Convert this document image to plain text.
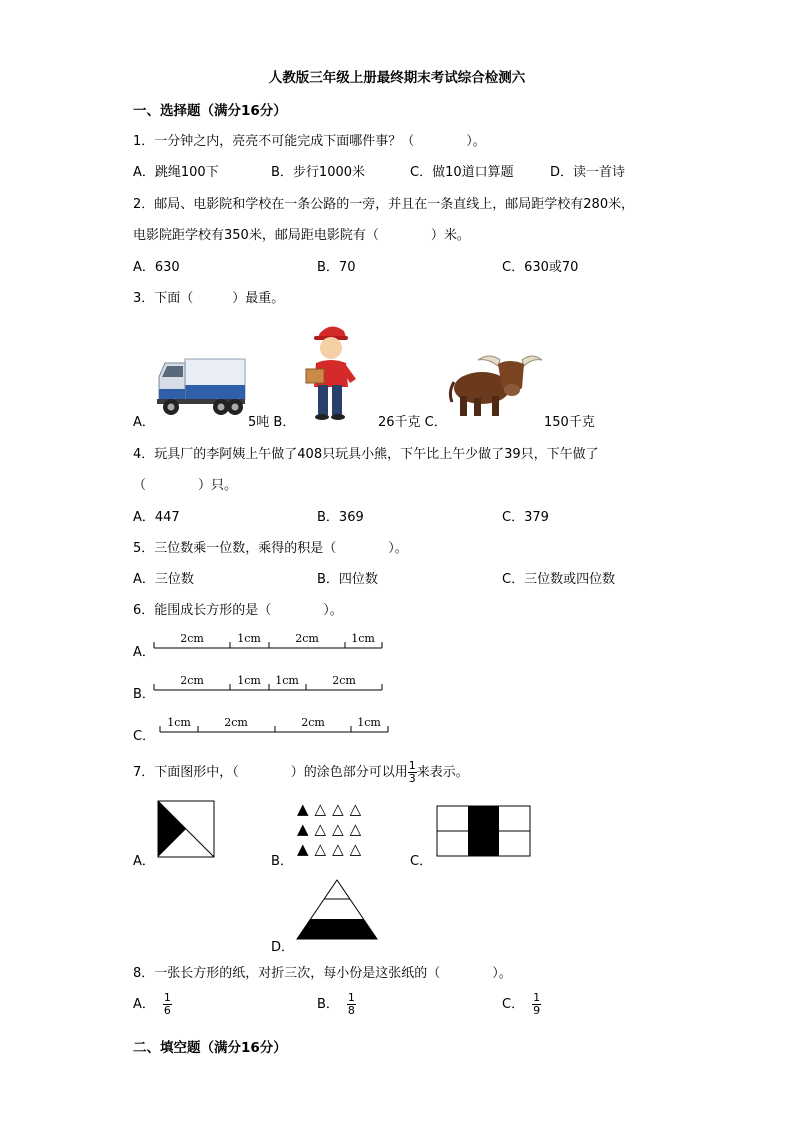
人教版三年级上册最终期末考试综合检测六
一、选择题（满分16分）
1．一分钟之内，亮亮不可能完成下面哪件事？（　　　　）。
A．跳绳100下	B．步行1000米	C．做10道口算题	D．读一首诗
2．邮局、电影院和学校在一条公路的一旁，并且在一条直线上，邮局距学校有280米，
电影院距学校有350米，邮局距电影院有（　　　　）米。
A．630	B．70	C．630或70
3．下面（　　　）最重。
A．	5吨 B．	26千克 C．	150千克
4．玩具厂的李阿姨上午做了408只玩具小熊，下午比上午少做了39只，下午做了
（　　　　）只。
A．447	B．369	C．379
5．三位数乘一位数，乘得的积是（　　　　）。
A．三位数	B．四位数	C．三位数或四位数
6．能围成长方形的是（　　　　）。
A．
2cm	1cm	2cm	1cm
B．
2cm	1cm 1cm	2cm
C．
1cm	2cm	2cm	1cm
7．下面图形中，（　　　　）的涂色部分可以用 $\frac{1}{3}$ 来表示。
A．	B．
▲△△△
▲△△△
▲△△△
C．
D．
8．一张长方形的纸，对折三次，每小份是这张纸的（　　　　）。
A． $\frac{1}{6}$	B． $\frac{1}{8}$	C． $\frac{1}{9}$
二、填空题（满分16分）
